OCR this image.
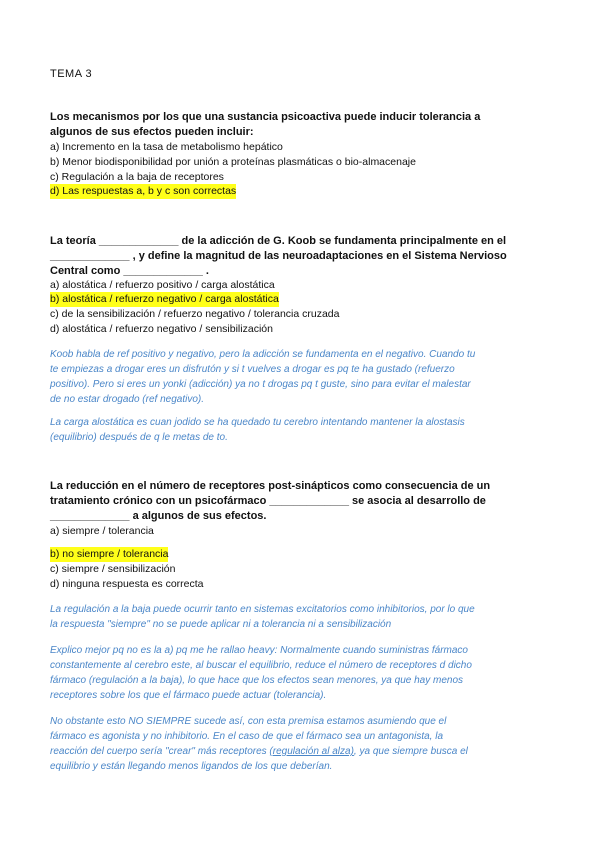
TEMA 3
Los mecanismos por los que una sustancia psicoactiva puede inducir tolerancia a
algunos de sus efectos pueden incluir:
a) Incremento en la tasa de metabolismo hepático
b) Menor biodisponibilidad por unión a proteínas plasmáticas o bio-almacenaje
c) Regulación a la baja de receptores
d) Las respuestas a, b y c son correctas
La teoría _____________ de la adicción de G. Koob se fundamenta principalmente en el
_____________ , y define la magnitud de las neuroadaptaciones en el Sistema Nervioso
Central como _____________ .
a) alostática / refuerzo positivo / carga alostática
b) alostática / refuerzo negativo / carga alostática
c) de la sensibilización / refuerzo negativo / tolerancia cruzada
d) alostática / refuerzo negativo / sensibilización
Koob habla de ref positivo y negativo, pero la adicción se fundamenta en el negativo. Cuando tu
te empiezas a drogar eres un disfrutón y si t vuelves a drogar es pq te ha gustado (refuerzo
positivo). Pero si eres un yonki (adicción) ya no t drogas pq t guste, sino para evitar el malestar
de no estar drogado (ref negativo).
La carga alostática es cuan jodido se ha quedado tu cerebro intentando mantener la alostasis
(equilibrio) después de q le metas de to.
La reducción en el número de receptores post-sinápticos como consecuencia de un
tratamiento crónico con un psicofármaco _____________ se asocia al desarrollo de
_____________ a algunos de sus efectos.
a) siempre / tolerancia
b) no siempre / tolerancia
c) siempre / sensibilización
d) ninguna respuesta es correcta
La regulación a la baja puede ocurrir tanto en sistemas excitatorios como inhibitorios, por lo que
la respuesta "siempre" no se puede aplicar ni a tolerancia ni a sensibilización
Explico mejor pq no es la a) pq me he rallao heavy: Normalmente cuando suministras fármaco
constantemente al cerebro este, al buscar el equilibrio, reduce el número de receptores d dicho
fármaco (regulación a la baja), lo que hace que los efectos sean menores, ya que hay menos
receptores sobre los que el fármaco puede actuar (tolerancia).
No obstante esto NO SIEMPRE sucede así, con esta premisa estamos asumiendo que el
fármaco es agonista y no inhibitorio. En el caso de que el fármaco sea un antagonista, la
reacción del cuerpo sería "crear" más receptores (regulación al alza), ya que siempre busca el
equilibrio y están llegando menos ligandos de los que deberían.
